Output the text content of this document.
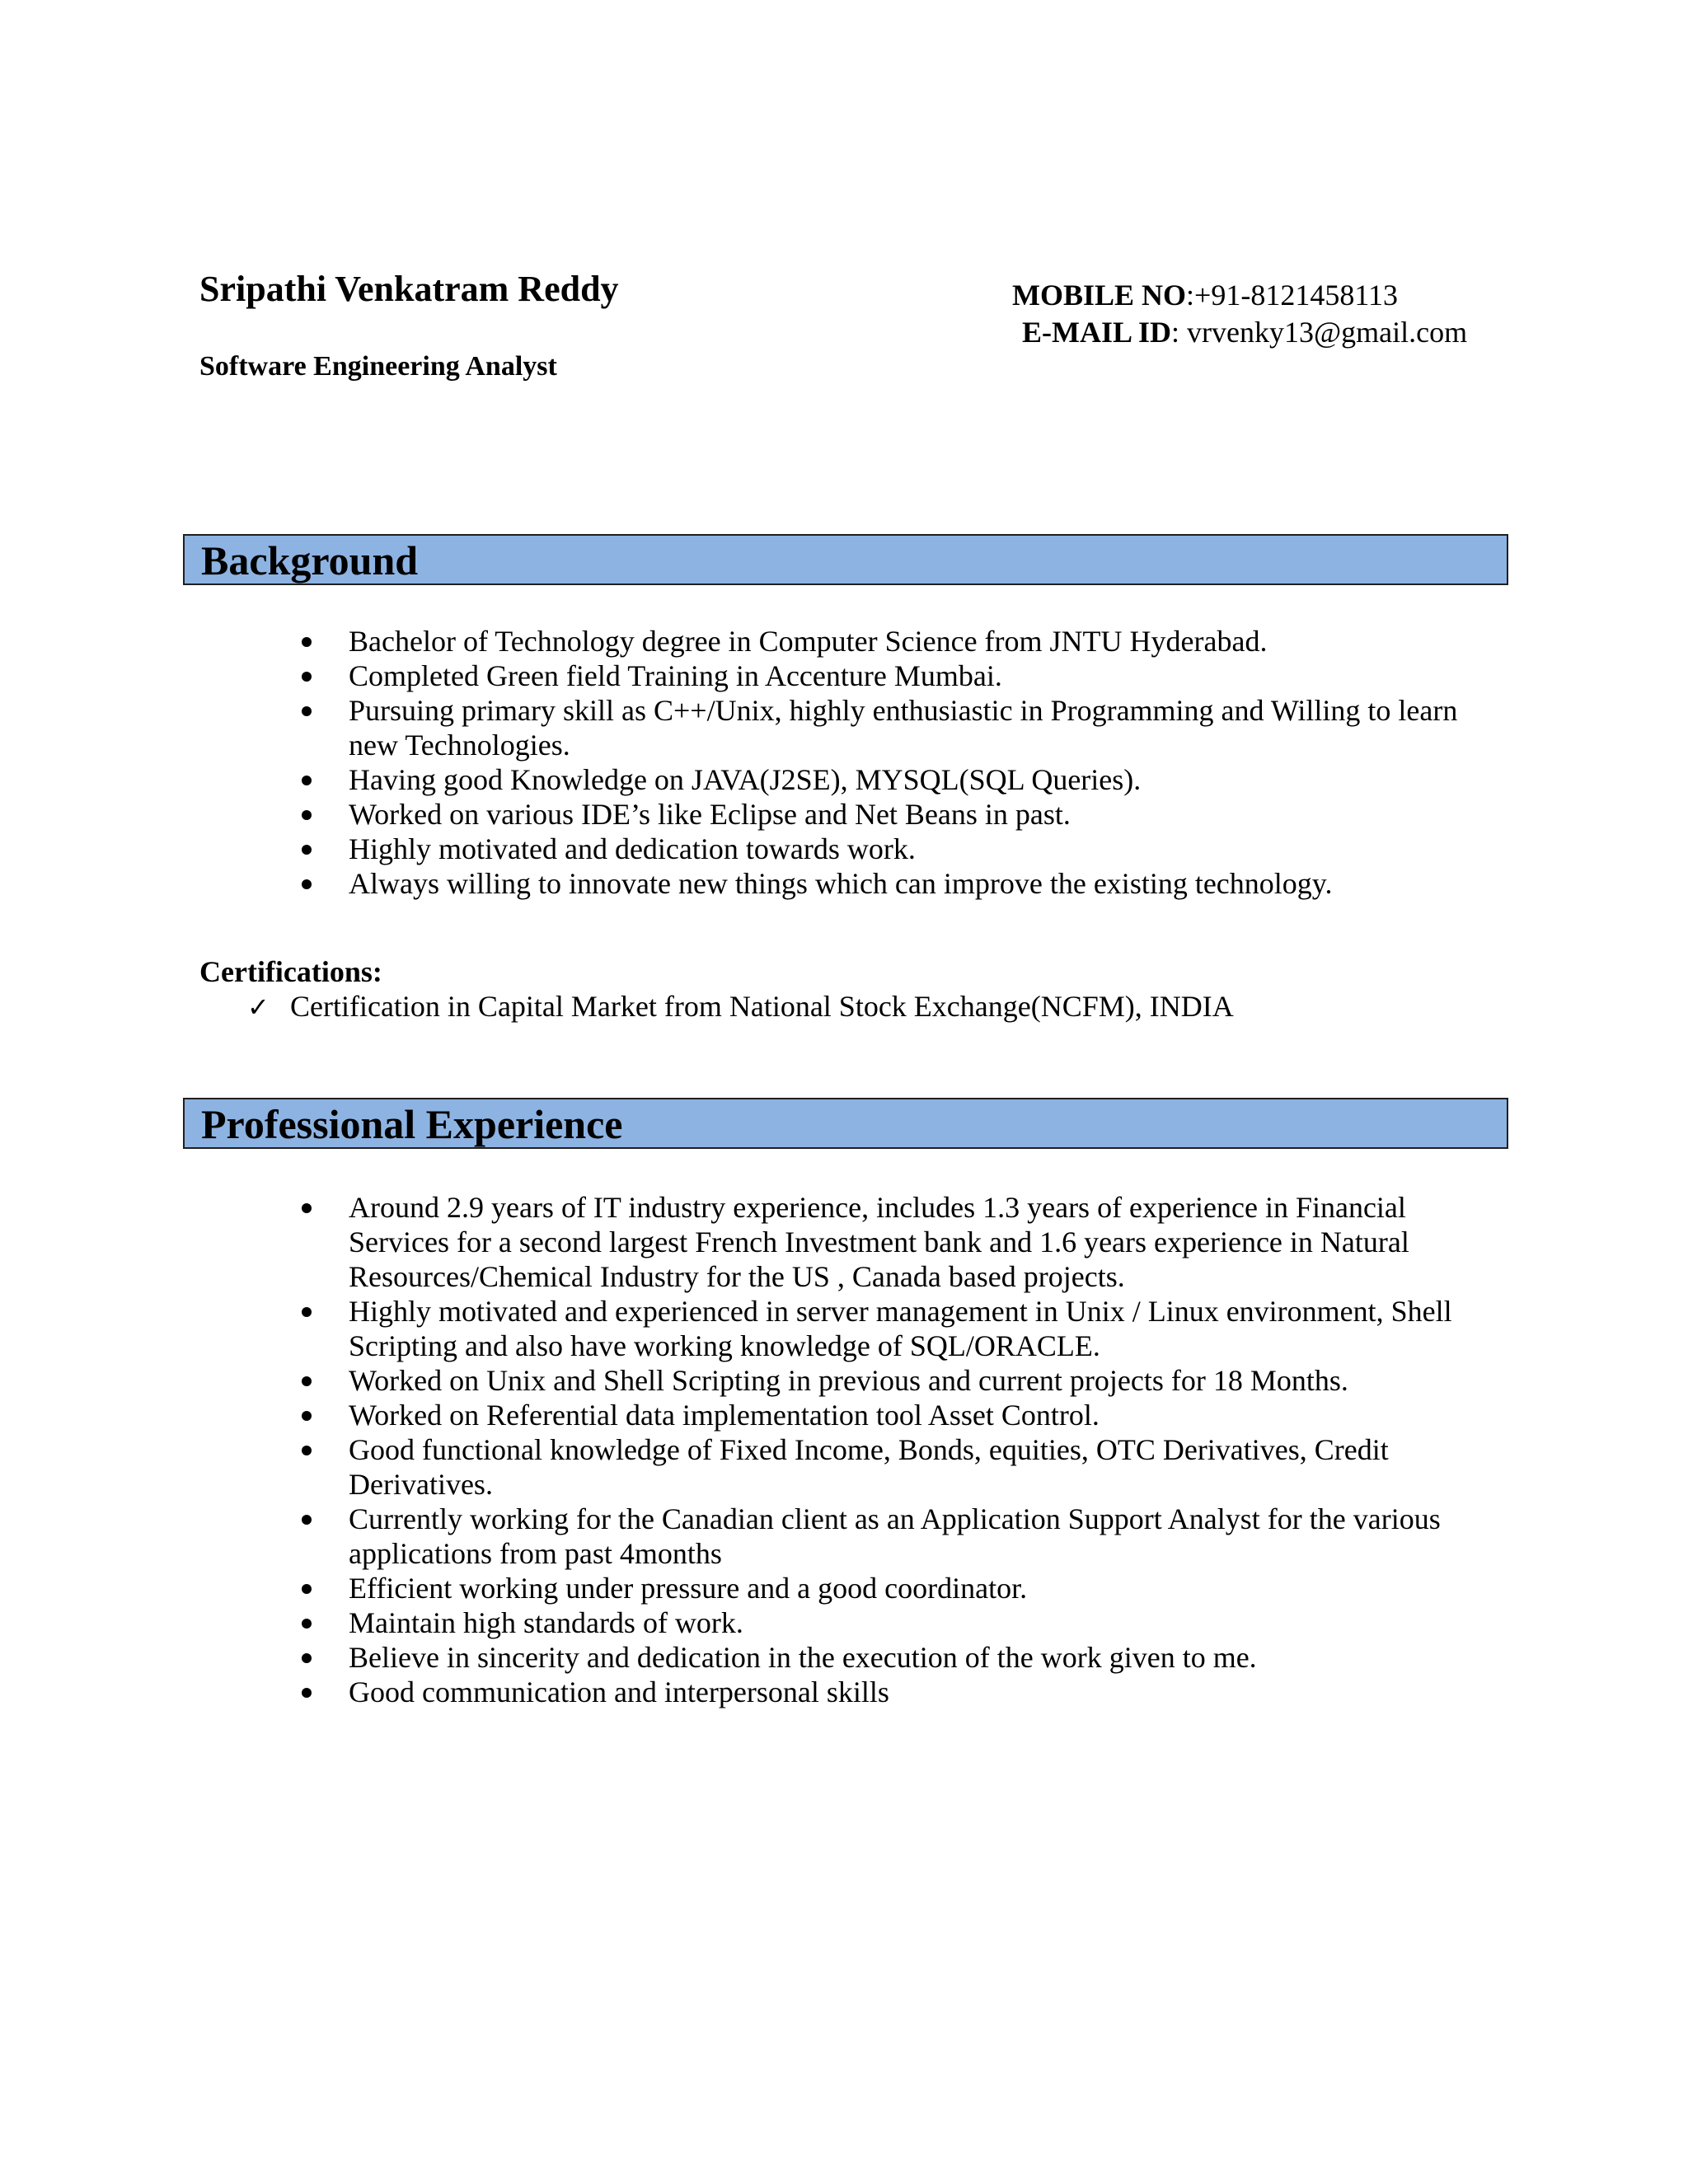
Sripathi Venkatram Reddy
Software Engineering Analyst
MOBILE NO:+91-8121458113
E-MAIL ID: vrvenky13@gmail.com
Background
Bachelor of Technology degree in Computer Science from JNTU Hyderabad.
Completed Green field Training in Accenture Mumbai.
Pursuing primary skill as C++/Unix, highly enthusiastic in Programming and Willing to learn new Technologies.
Having good Knowledge on JAVA(J2SE), MYSQL(SQL Queries).
Worked on various IDE’s like Eclipse and Net Beans in past.
Highly motivated and dedication towards work.
Always willing to innovate new things which can improve the existing technology.
Certifications:
✓ Certification in Capital Market from National Stock Exchange(NCFM), INDIA
Professional Experience
Around 2.9 years of IT industry experience, includes 1.3 years of experience in Financial Services for a second largest French Investment bank and 1.6 years experience in Natural Resources/Chemical Industry for the US , Canada based projects.
Highly motivated and experienced in server management in Unix / Linux environment, Shell Scripting and also have working knowledge of SQL/ORACLE.
Worked on Unix and Shell Scripting in previous and current projects for 18 Months.
Worked on Referential data implementation tool Asset Control.
Good functional knowledge of Fixed Income, Bonds, equities, OTC Derivatives, Credit Derivatives.
Currently working for the Canadian client as an Application Support Analyst for the various applications from past 4months
Efficient working under pressure and a good coordinator.
Maintain high standards of work.
Believe in sincerity and dedication in the execution of the work given to me.
Good communication and interpersonal skills
